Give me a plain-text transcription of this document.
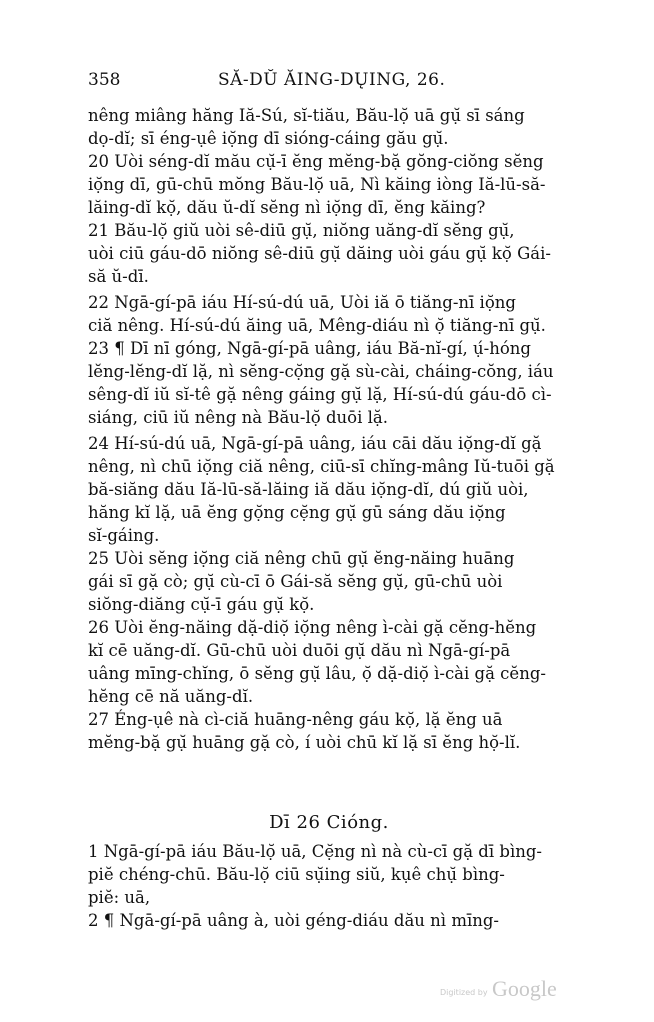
358	SĂ-DŬ ĂING-DŲING, 26.
nêng miâng hăng Iă-Sú, sĭ-tiău, Bău-lọ̆ uā gụ̆ sī sáng
dọ-dĭ; sī éng-ụê iọ̆ng dī sióng-cáing gău gụ̆.
20 Uòi séng-dĭ mău cụ̆-ī ĕng mĕng-bặ gŏng-ciŏng sĕng
iọ̆ng dī, gū-chū mŏng Bău-lọ̆ uā, Nì kăing iòng Iă-lū-să-
lăing-dĭ kọ̆, dău ŭ-dĭ sĕng nì iọ̆ng dī, ĕng kăing?
21 Bău-lọ̆ giŭ uòi sê-diū gụ̆, niŏng uăng-dĭ sĕng gụ̆,
uòi ciū gáu-dō niŏng sê-diū gụ̆ dăing uòi gáu gụ̆ kọ̆ Gái-
să ŭ-dī.
22 Ngā-gí-pā iáu Hí-sú-dú uā, Uòi iă ō tiăng-nī iọ̆ng
ciă nêng. Hí-sú-dú ăing uā, Mêng-diáu nì ọ̆ tiăng-nī gụ̆.
23 ¶ Dī nī góng, Ngā-gí-pā uâng, iáu Bă-nĭ-gí, ụ́-hóng
lĕng-lĕng-dĭ lặ, nì sĕng-cọ̆ng gặ sù-cài, cháing-cŏng, iáu
sêng-dĭ iŭ sĭ-tê gặ nêng gáing gụ̆ lặ, Hí-sú-dú gáu-dō cì-
siáng, ciū iŭ nêng nà Bău-lọ̆ duōi lặ.
24 Hí-sú-dú uā, Ngā-gí-pā uâng, iáu cāi dău iọ̆ng-dĭ gặ
nêng, nì chū iọ̆ng ciă nêng, ciū-sī chĭng-mâng Iŭ-tuōi gặ
bă-siăng dău Iă-lū-să-lăing iă dău iọ̆ng-dĭ, dú giŭ uòi,
hăng kĭ lặ, uā ĕng gọ̆ng cẹ̆ng gụ̆ gū sáng dău iọ̆ng
sĭ-gáing.
25 Uòi sĕng iọ̆ng ciă nêng chū gụ̆ ĕng-năing huāng
gái sī gặ cò; gụ̆ cù-cī ō Gái-să sĕng gụ̆, gū-chū uòi
siŏng-diăng cụ̆-ī gáu gụ̆ kọ̆.
26 Uòi ĕng-năing dặ-diọ̆ iọ̆ng nêng ì-cài gặ cĕng-hĕng
kĭ cē uăng-dĭ. Gū-chū uòi duōi gụ̆ dău nì Ngā-gí-pā
uâng mīng-chĭng, ō sĕng gụ̆ lâu, ọ̆ dặ-diọ̆ ì-cài gặ cĕng-
hĕng cē nă uăng-dĭ.
27 Éng-ụê nà cì-ciă huāng-nêng gáu kọ̆, lặ ĕng uā
mĕng-bặ gụ̆ huāng gặ cò, í uòi chū kĭ lặ sī ĕng họ̆-lĭ.
Dī 26 Cióng.
1 Ngā-gí-pā iáu Bău-lọ̆ uā, Cẹ̆ng nì nà cù-cī gặ dī bìng-
piĕ chéng-chū. Bău-lọ̆ ciū sụ̆ing siŭ, kụê chụ̆ bìng-
piĕ: uā,
2 ¶ Ngā-gí-pā uâng à, uòi géng-diáu dău nì mīng-
Digitized by Google
